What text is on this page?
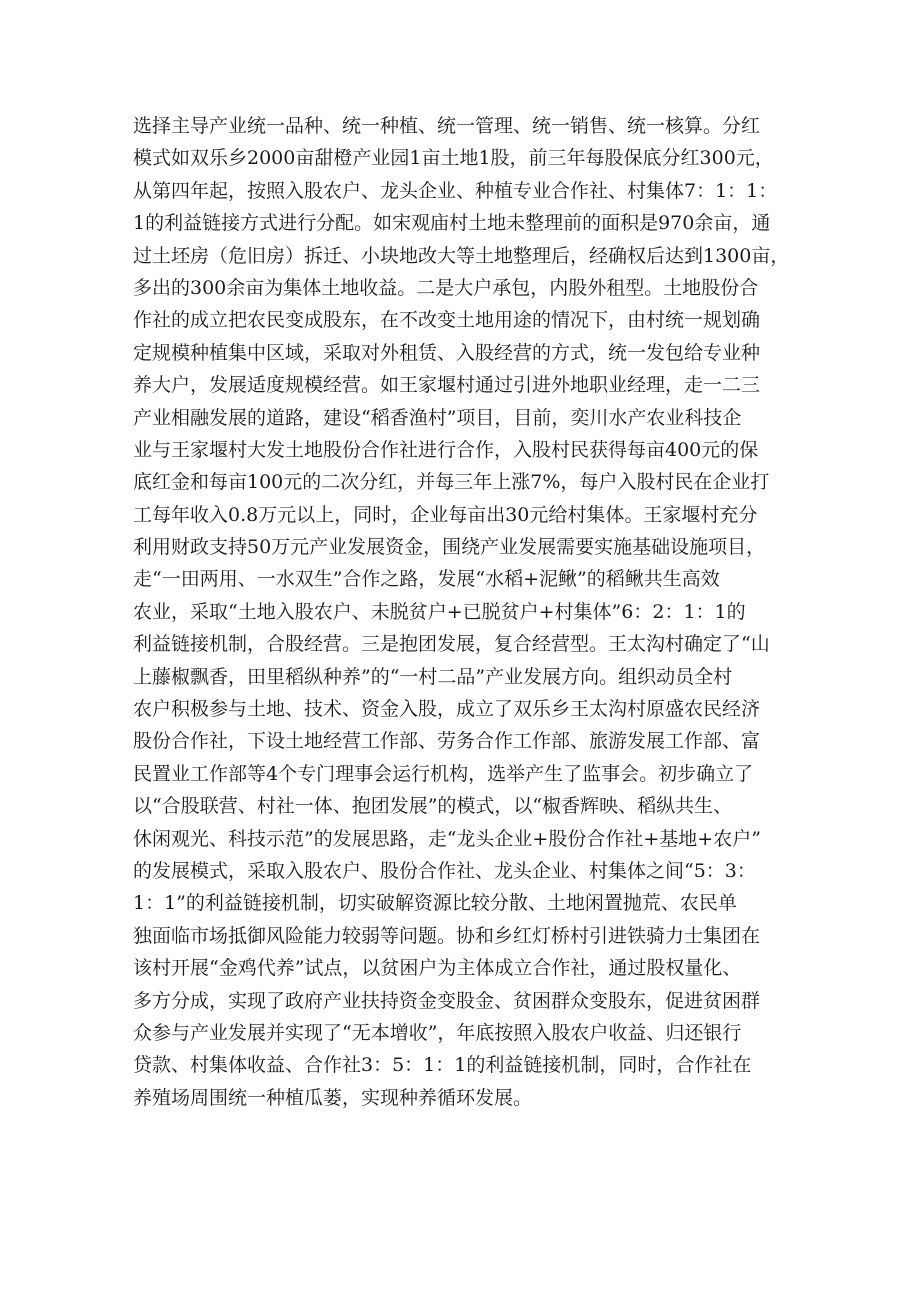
选择主导产业统一品种、统一种植、统一管理、统一销售、统一核算。分红
模式如双乐乡2000亩甜橙产业园1亩土地1股，前三年每股保底分红300元，
从第四年起，按照入股农户、龙头企业、种植专业合作社、村集体7：1：1：
1的利益链接方式进行分配。如宋观庙村土地未整理前的面积是970余亩，通
过土坯房（危旧房）拆迁、小块地改大等土地整理后，经确权后达到1300亩，
多出的300余亩为集体土地收益。二是大户承包，内股外租型。土地股份合
作社的成立把农民变成股东，在不改变土地用途的情况下，由村统一规划确
定规模种植集中区域，采取对外租赁、入股经营的方式，统一发包给专业种
养大户，发展适度规模经营。如王家堰村通过引进外地职业经理，走一二三
产业相融发展的道路，建设“稻香渔村”项目，目前，奕川水产农业科技企
业与王家堰村大发土地股份合作社进行合作，入股村民获得每亩400元的保
底红金和每亩100元的二次分红，并每三年上涨7%，每户入股村民在企业打
工每年收入0.8万元以上，同时，企业每亩出30元给村集体。王家堰村充分
利用财政支持50万元产业发展资金，围绕产业发展需要实施基础设施项目，
走“一田两用、一水双生”合作之路，发展“水稻+泥鳅”的稻鳅共生高效
农业，采取“土地入股农户、未脱贫户+已脱贫户+村集体”6：2：1：1的
利益链接机制，合股经营。三是抱团发展，复合经营型。王太沟村确定了“山
上藤椒飘香，田里稻纵种养”的“一村二品”产业发展方向。组织动员全村
农户积极参与土地、技术、资金入股，成立了双乐乡王太沟村原盛农民经济
股份合作社，下设土地经营工作部、劳务合作工作部、旅游发展工作部、富
民置业工作部等4个专门理事会运行机构，选举产生了监事会。初步确立了
以“合股联营、村社一体、抱团发展”的模式，以“椒香辉映、稻纵共生、
休闲观光、科技示范”的发展思路，走“龙头企业+股份合作社+基地+农户”
的发展模式，采取入股农户、股份合作社、龙头企业、村集体之间“5：3：
1：1”的利益链接机制，切实破解资源比较分散、土地闲置抛荒、农民单
独面临市场抵御风险能力较弱等问题。协和乡红灯桥村引进铁骑力士集团在
该村开展“金鸡代养”试点，以贫困户为主体成立合作社，通过股权量化、
多方分成，实现了政府产业扶持资金变股金、贫困群众变股东，促进贫困群
众参与产业发展并实现了“无本增收”，年底按照入股农户收益、归还银行
贷款、村集体收益、合作社3：5：1：1的利益链接机制，同时，合作社在
养殖场周围统一种植瓜蒌，实现种养循环发展。
